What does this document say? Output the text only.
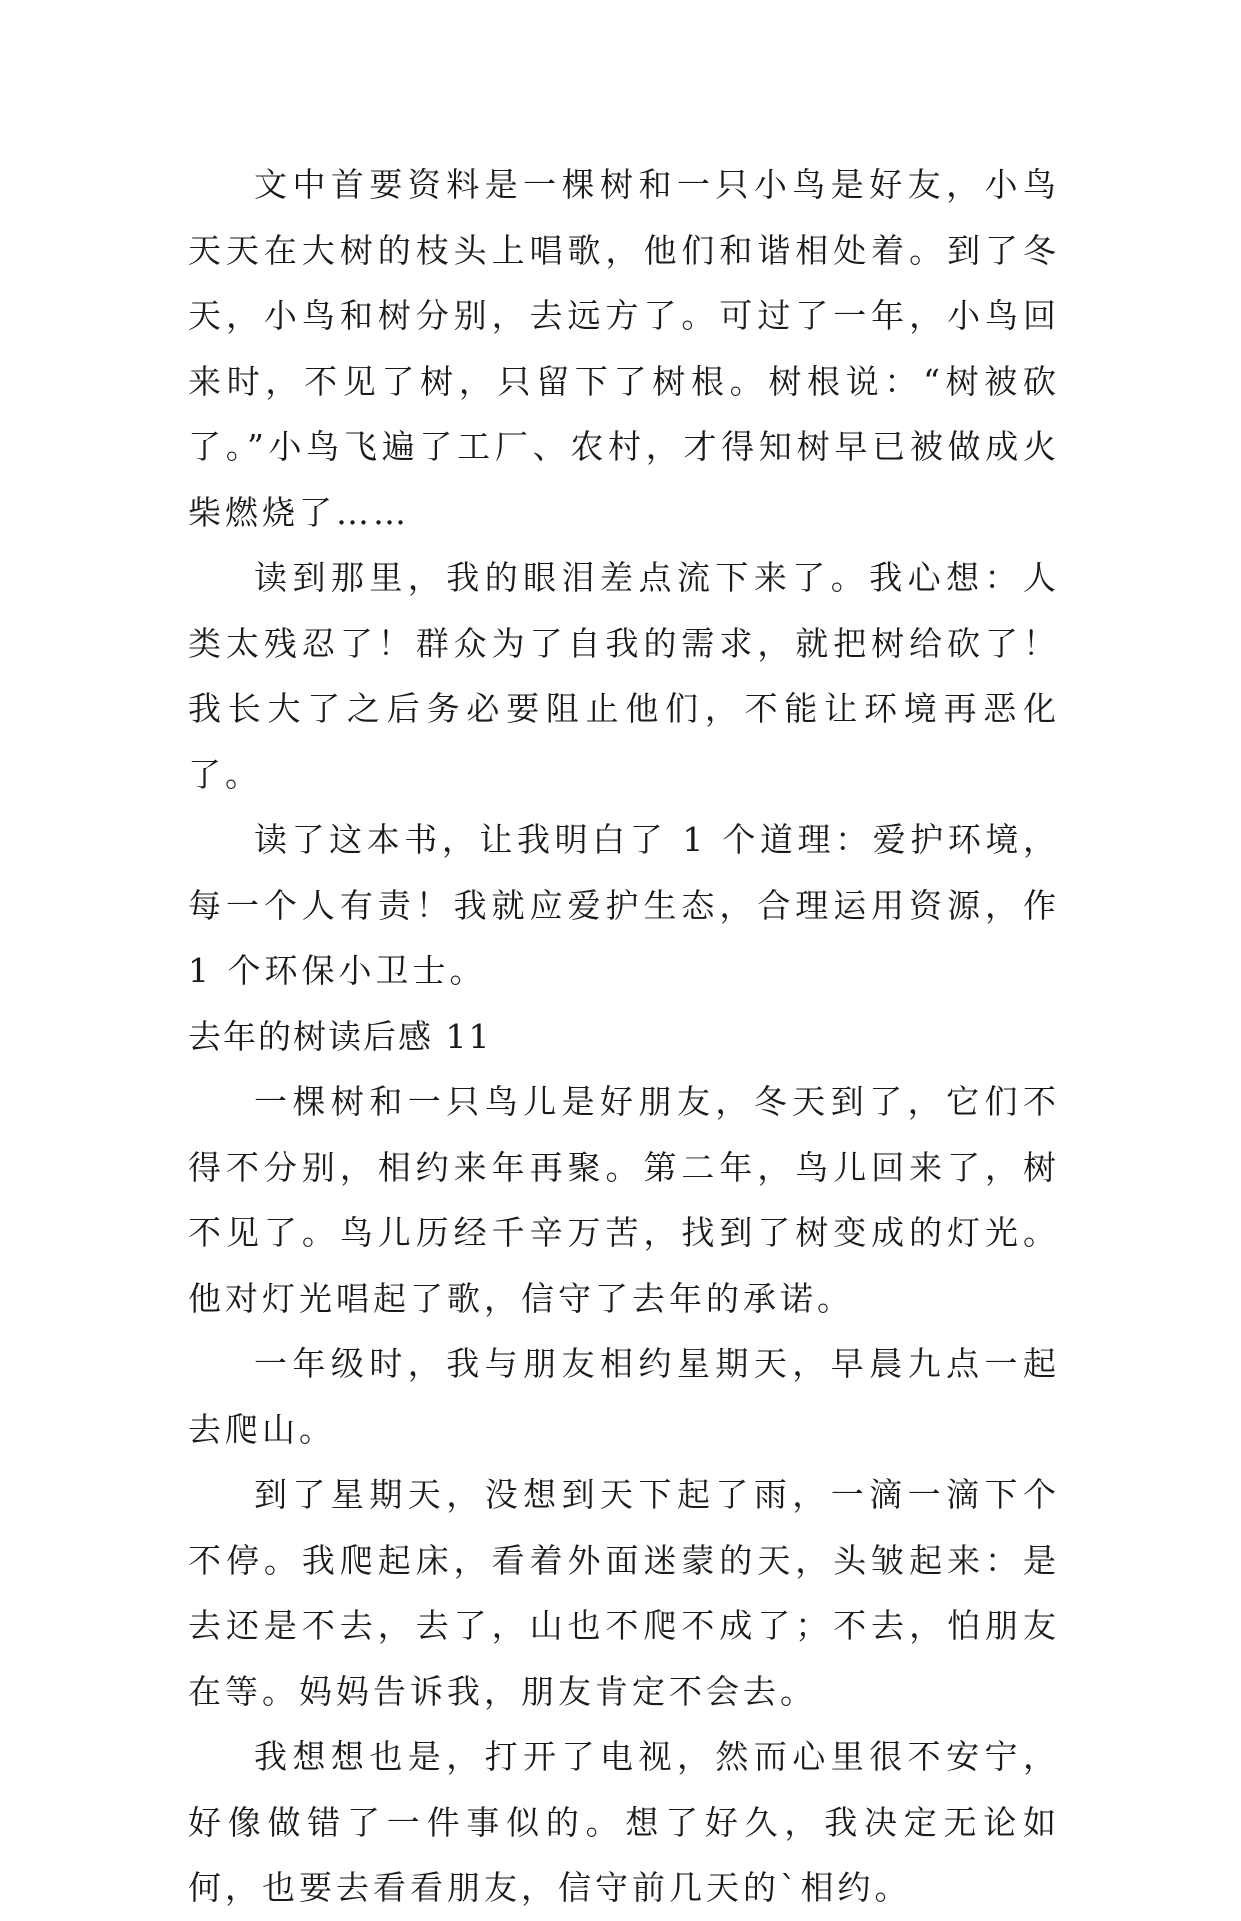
文中首要资料是一棵树和一只小鸟是好友，小鸟天天在大树的枝头上唱歌，他们和谐相处着。到了冬天，小鸟和树分别，去远方了。可过了一年，小鸟回来时，不见了树，只留下了树根。树根说：“树被砍了。”小鸟飞遍了工厂、农村，才得知树早已被做成火柴燃烧了……

读到那里，我的眼泪差点流下来了。我心想：人类太残忍了！群众为了自我的需求，就把树给砍了！我长大了之后务必要阻止他们，不能让环境再恶化了。

读了这本书，让我明白了 1 个道理：爱护环境，每一个人有责！我就应爱护生态，合理运用资源，作 1 个环保小卫士。

去年的树读后感 11

一棵树和一只鸟儿是好朋友，冬天到了，它们不得不分别，相约来年再聚。第二年，鸟儿回来了，树不见了。鸟儿历经千辛万苦，找到了树变成的灯光。他对灯光唱起了歌，信守了去年的承诺。

一年级时，我与朋友相约星期天，早晨九点一起去爬山。

到了星期天，没想到天下起了雨，一滴一滴下个不停。我爬起床，看着外面迷蒙的天，头皱起来：是去还是不去，去了，山也不爬不成了；不去，怕朋友在等。妈妈告诉我，朋友肯定不会去。

我想想也是，打开了电视，然而心里很不安宁，好像做错了一件事似的。想了好久，我决定无论如何，也要去看看朋友，信守前几天的`相约。
